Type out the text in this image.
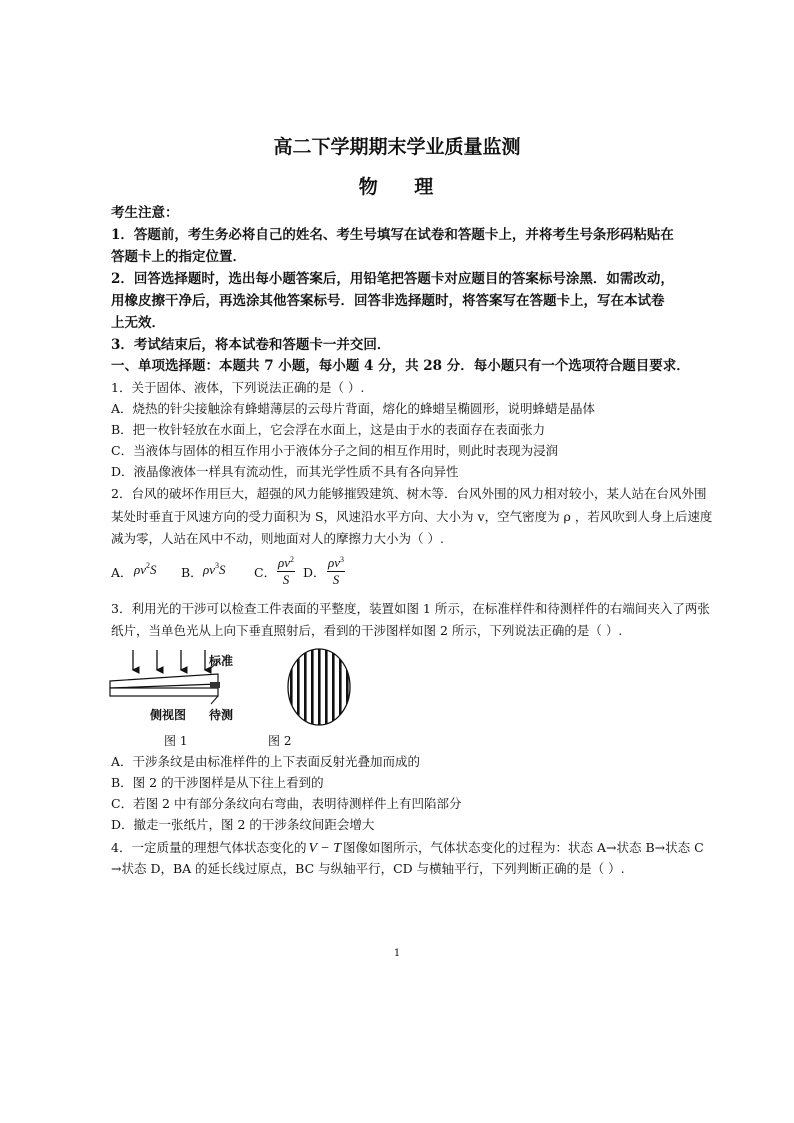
高二下学期期末学业质量监测
物    理
考生注意：
1．答题前，考生务必将自己的姓名、考生号填写在试卷和答题卡上，并将考生号条形码粘贴在
答题卡上的指定位置．
2．回答选择题时，选出每小题答案后，用铅笔把答题卡对应题目的答案标号涂黑．如需改动，
用橡皮擦干净后，再选涂其他答案标号．回答非选择题时，将答案写在答题卡上，写在本试卷
上无效．
3．考试结束后，将本试卷和答题卡一并交回．
一、单项选择题：本题共 7 小题，每小题 4 分，共 28 分．每小题只有一个选项符合题目要求．
1．关于固体、液体，下列说法正确的是（ ）.
A．烧热的针尖接触涂有蜂蜡薄层的云母片背面，熔化的蜂蜡呈椭圆形，说明蜂蜡是晶体
B．把一枚针轻放在水面上，它会浮在水面上，这是由于水的表面存在表面张力
C．当液体与固体的相互作用小于液体分子之间的相互作用时，则此时表现为浸润
D．液晶像液体一样具有流动性，而其光学性质不具有各向异性
2．台风的破坏作用巨大，超强的风力能够摧毁建筑、树木等．台风外围的风力相对较小，某人站在台风外围
某处时垂直于风速方向的受力面积为 S，风速沿水平方向、大小为 v，空气密度为 ρ ，若风吹到人身上后速度
减为零，人站在风中不动，则地面对人的摩擦力大小为（ ）.
A． $\rho v^2S$ B． $\rho v^3S$ C． $\frac{\rho v^2}{S}$ D． $\frac{\rho v^3}{S}$
3．利用光的干涉可以检查工件表面的平整度，装置如图 1 所示，在标准样件和待测样件的右端间夹入了两张
纸片，当单色光从上向下垂直照射后，看到的干涉图样如图 2 所示，下列说法正确的是（ ）.
标准
侧视图 待测
图 1	图 2
A．干涉条纹是由标准样件的上下表面反射光叠加而成的
B．图 2 的干涉图样是从下往上看到的
C．若图 2 中有部分条纹向右弯曲，表明待测样件上有凹陷部分
D．撤走一张纸片，图 2 的干涉条纹间距会增大
4．一定质量的理想气体状态变化的 V − T 图像如图所示，气体状态变化的过程为：状态 A→状态 B→状态 C
→状态 D，BA 的延长线过原点，BC 与纵轴平行，CD 与横轴平行，下列判断正确的是（ ）.
1
